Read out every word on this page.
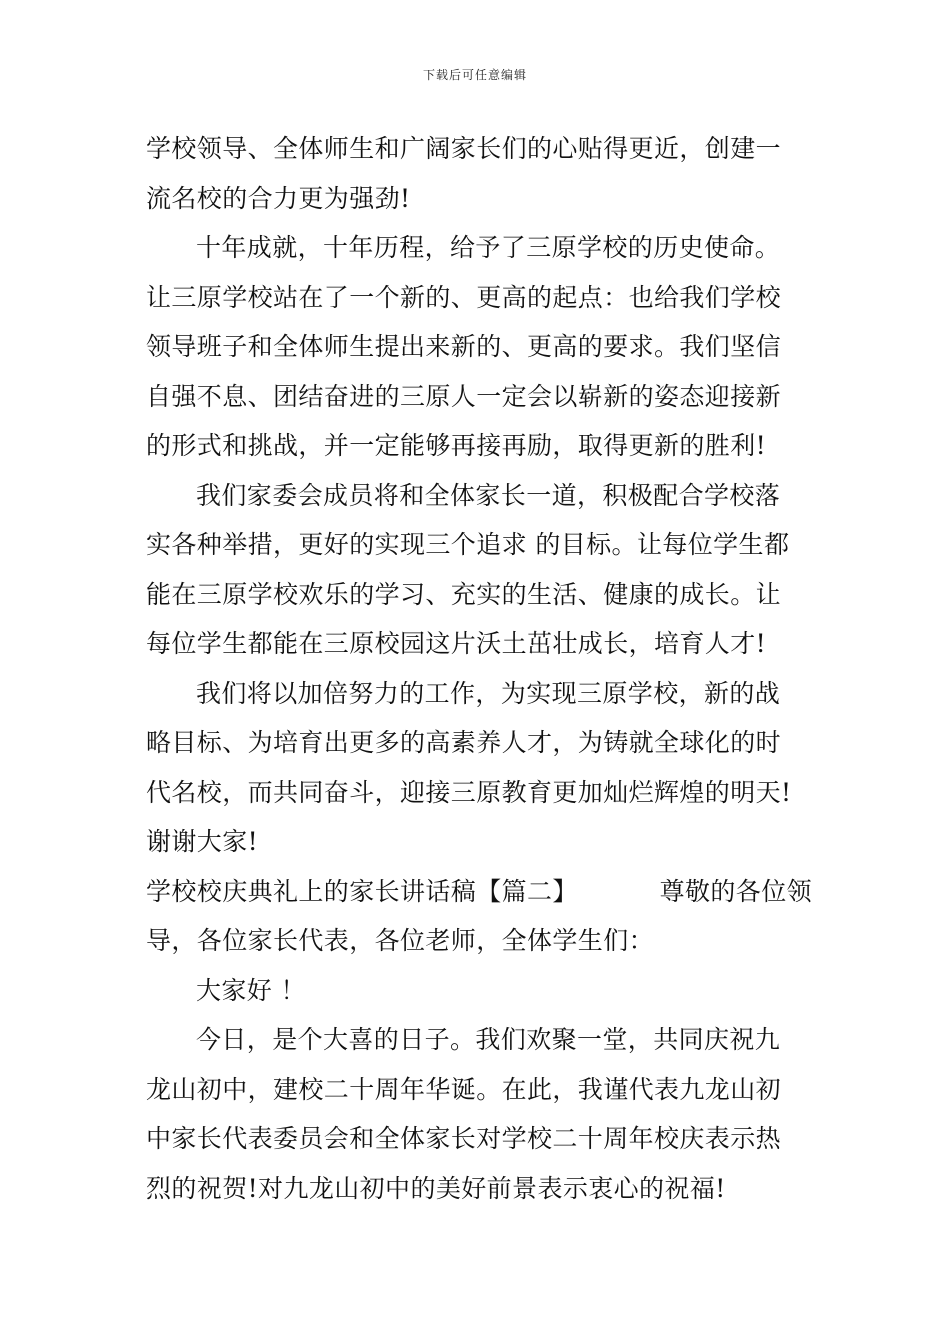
下载后可任意编辑
学校领导、全体师生和广阔家长们的心贴得更近，创建一
流名校的合力更为强劲!
十年成就，十年历程，给予了三原学校的历史使命。
让三原学校站在了一个新的、更高的起点：也给我们学校
领导班子和全体师生提出来新的、更高的要求。我们坚信
自强不息、团结奋进的三原人一定会以崭新的姿态迎接新
的形式和挑战，并一定能够再接再励，取得更新的胜利!
我们家委会成员将和全体家长一道，积极配合学校落
实各种举措，更好的实现三个追求 的目标。让每位学生都
能在三原学校欢乐的学习、充实的生活、健康的成长。让
每位学生都能在三原校园这片沃土茁壮成长，培育人才!
我们将以加倍努力的工作，为实现三原学校，新的战
略目标、为培育出更多的高素养人才，为铸就全球化的时
代名校，而共同奋斗，迎接三原教育更加灿烂辉煌的明天!
谢谢大家!
学校校庆典礼上的家长讲话稿【篇二】	尊敬的各位领
导，各位家长代表，各位老师，全体学生们：
大家好 ！
今日，是个大喜的日子。我们欢聚一堂，共同庆祝九
龙山初中，建校二十周年华诞。在此，我谨代表九龙山初
中家长代表委员会和全体家长对学校二十周年校庆表示热
烈的祝贺!对九龙山初中的美好前景表示衷心的祝福!
